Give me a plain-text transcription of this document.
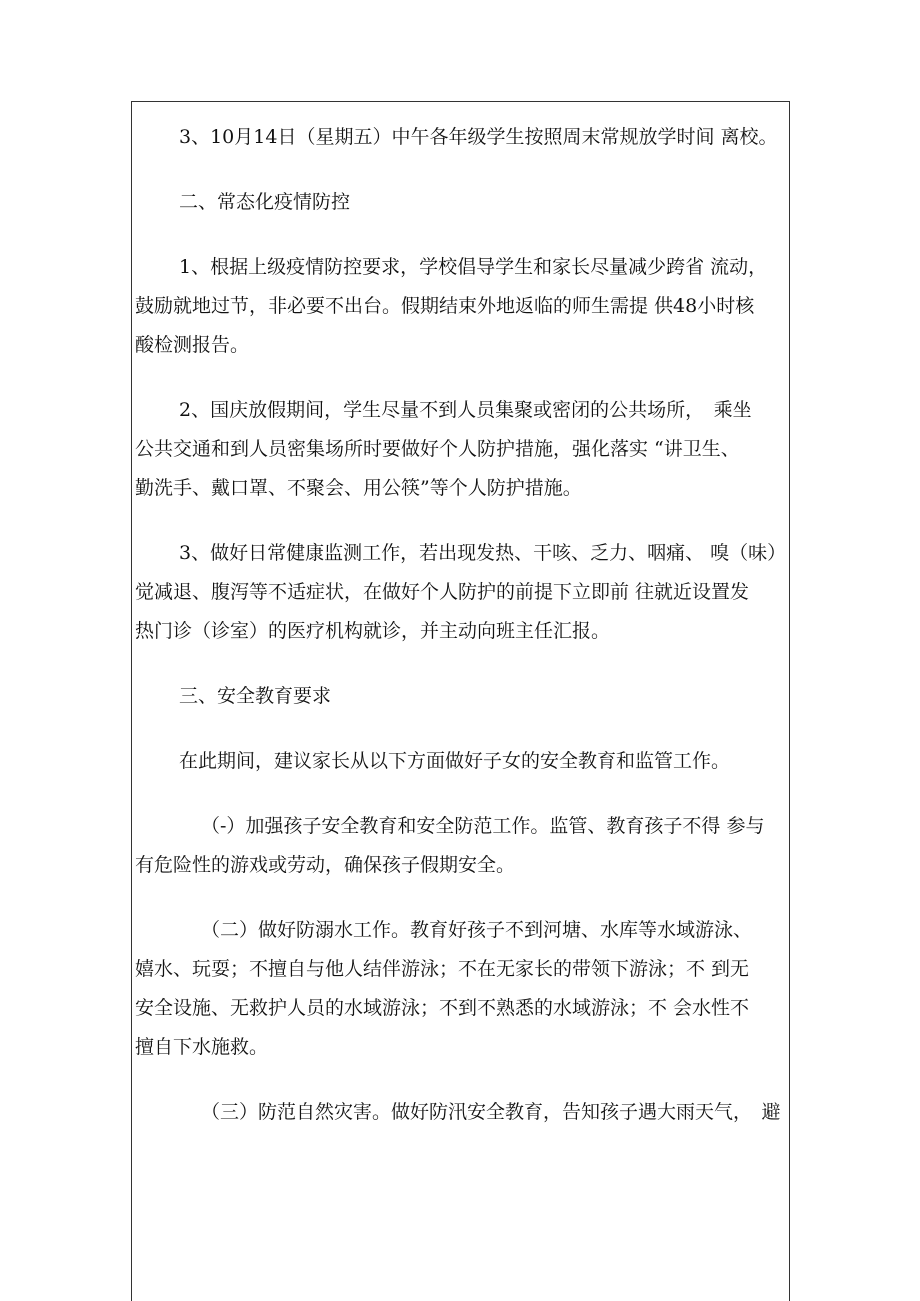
3、10月14日（星期五）中午各年级学生按照周末常规放学时间 离校。
二、常态化疫情防控
1、根据上级疫情防控要求，学校倡导学生和家长尽量减少跨省 流动，
鼓励就地过节，非必要不出台。假期结束外地返临的师生需提 供48小时核
酸检测报告。
2、国庆放假期间，学生尽量不到人员集聚或密闭的公共场所，　乘坐
公共交通和到人员密集场所时要做好个人防护措施，强化落实 “讲卫生、
勤洗手、戴口罩、不聚会、用公筷”等个人防护措施。
3、做好日常健康监测工作，若出现发热、干咳、乏力、咽痛、 嗅（味）
觉减退、腹泻等不适症状，在做好个人防护的前提下立即前 往就近设置发
热门诊（诊室）的医疗机构就诊，并主动向班主任汇报。
三、安全教育要求
在此期间，建议家长从以下方面做好子女的安全教育和监管工作。
（-）加强孩子安全教育和安全防范工作。监管、教育孩子不得 参与
有危险性的游戏或劳动，确保孩子假期安全。
（二）做好防溺水工作。教育好孩子不到河塘、水库等水域游泳、
嬉水、玩耍；不擅自与他人结伴游泳；不在无家长的带领下游泳；不 到无
安全设施、无救护人员的水域游泳；不到不熟悉的水域游泳；不 会水性不
擅自下水施救。
（三）防范自然灾害。做好防汛安全教育，告知孩子遇大雨天气，　避
